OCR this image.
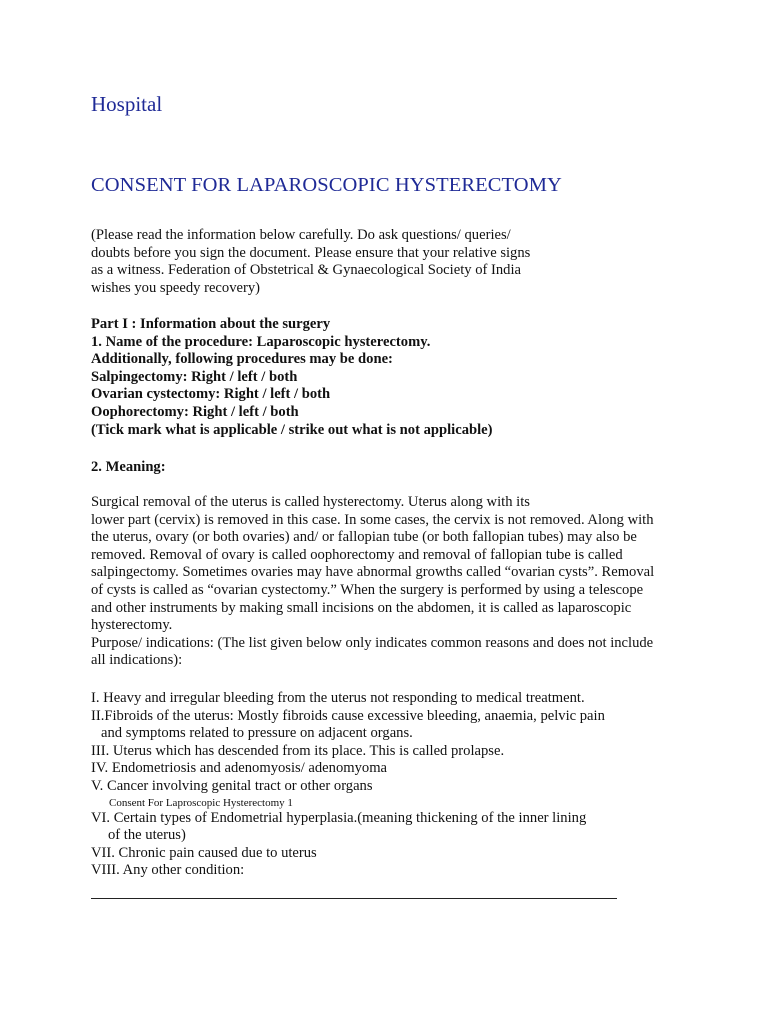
Hospital
CONSENT FOR LAPAROSCOPIC HYSTERECTOMY
(Please read the information below carefully. Do ask questions/ queries/
doubts before you sign the document. Please ensure that your relative signs
as a witness. Federation of Obstetrical & Gynaecological Society of India
wishes you speedy recovery)
Part I : Information about the surgery
1. Name of the procedure: Laparoscopic hysterectomy.
Additionally, following procedures may be done:
Salpingectomy: Right / left / both
Ovarian cystectomy: Right / left / both
Oophorectomy: Right / left / both
(Tick mark what is applicable / strike out what is not applicable)
2. Meaning:
Surgical removal of the uterus is called hysterectomy. Uterus along with its
lower part (cervix) is removed in this case. In some cases, the cervix is not removed. Along with
the uterus, ovary (or both ovaries) and/ or fallopian tube (or both fallopian tubes) may also be
removed. Removal of ovary is called oophorectomy and removal of fallopian tube is called
salpingectomy. Sometimes ovaries may have abnormal growths called “ovarian cysts”. Removal
of cysts is called as “ovarian cystectomy.” When the surgery is performed by using a telescope
and other instruments by making small incisions on the abdomen, it is called as laparoscopic
hysterectomy.
Purpose/ indications: (The list given below only indicates common reasons and does not include
all indications):
I. Heavy and irregular bleeding from the uterus not responding to medical treatment.
II.Fibroids of the uterus: Mostly fibroids cause excessive bleeding, anaemia, pelvic pain
and symptoms related to pressure on adjacent organs.
III. Uterus which has descended from its place. This is called prolapse.
IV. Endometriosis and adenomyosis/ adenomyoma
V. Cancer involving genital tract or other organs
Consent For Laproscopic Hysterectomy 1
VI. Certain types of Endometrial hyperplasia.(meaning thickening of the inner lining
of the uterus)
VII. Chronic pain caused due to uterus
VIII. Any other condition:
